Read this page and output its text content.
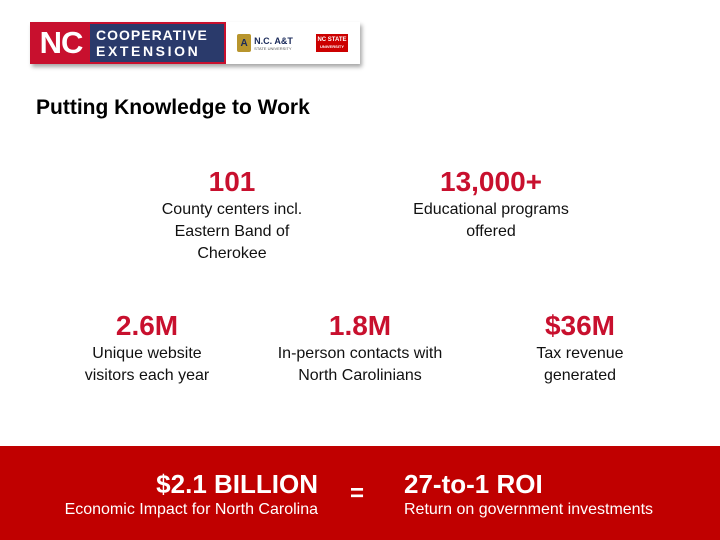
NC COOPERATIVE
EXTENSION	A N.C. A&T
STATE UNIVERSITY
NC STATE
UNIVERSITY
Putting Knowledge to Work
101
County centers incl. Eastern Band of Cherokee
13,000+
Educational programs offered
2.6M
Unique website visitors each year
1.8M
In-person contacts with North Carolinians
$36M
Tax revenue generated
$2.1 BILLION
Economic Impact for North Carolina
= 27-to-1 ROI
Return on government investments
